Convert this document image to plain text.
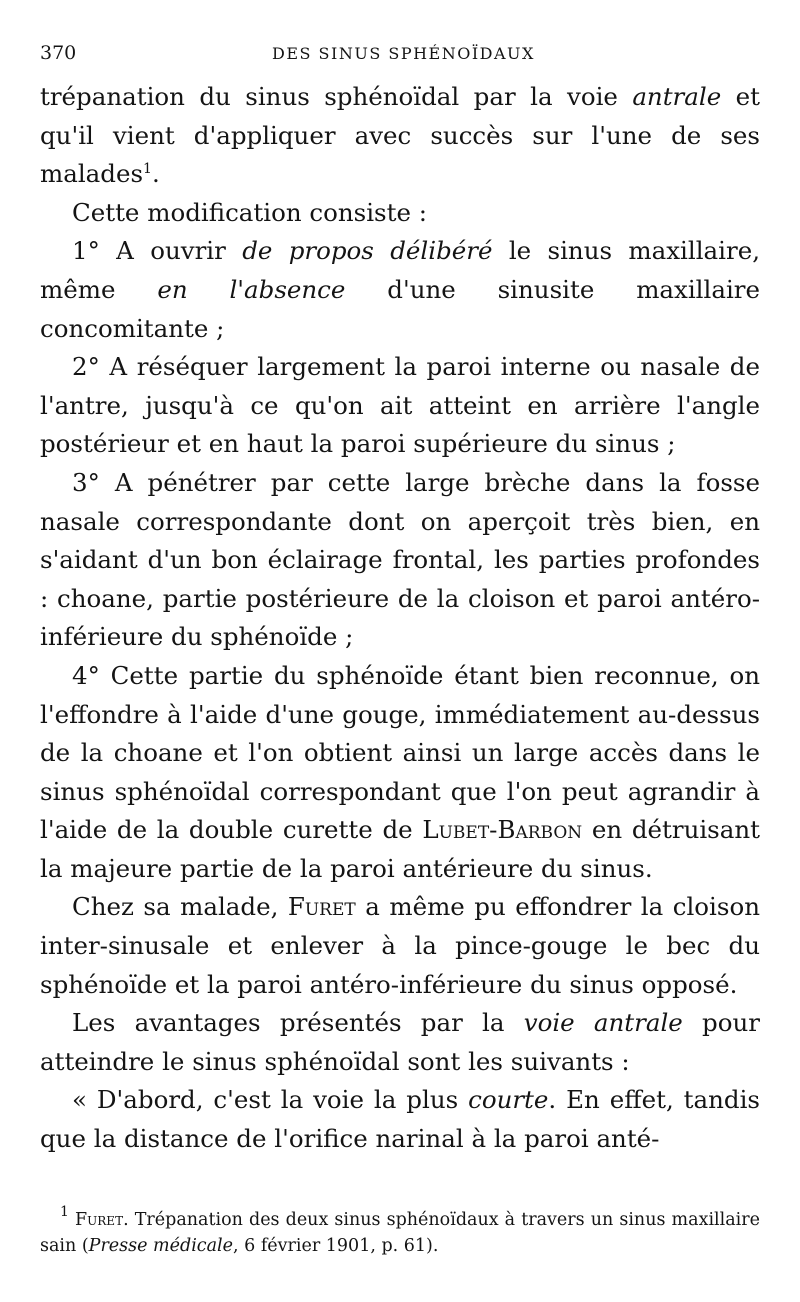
370	DES SINUS SPHÉNOÏDAUX

trépanation du sinus sphénoïdal par la voie antrale et qu'il vient d'appliquer avec succès sur l'une de ses malades$^1$.

Cette modification consiste :

1° A ouvrir de propos délibéré le sinus maxillaire, même en l'absence d'une sinusite maxillaire concomitante ;

2° A réséquer largement la paroi interne ou nasale de l'antre, jusqu'à ce qu'on ait atteint en arrière l'angle postérieur et en haut la paroi supérieure du sinus ;

3° A pénétrer par cette large brèche dans la fosse nasale correspondante dont on aperçoit très bien, en s'aidant d'un bon éclairage frontal, les parties profondes : choane, partie postérieure de la cloison et paroi antéro-inférieure du sphénoïde ;

4° Cette partie du sphénoïde étant bien reconnue, on l'effondre à l'aide d'une gouge, immédiatement au-dessus de la choane et l'on obtient ainsi un large accès dans le sinus sphénoïdal correspondant que l'on peut agrandir à l'aide de la double curette de Lubet-Barbon en détruisant la majeure partie de la paroi antérieure du sinus.

Chez sa malade, Furet a même pu effondrer la cloison inter-sinusale et enlever à la pince-gouge le bec du sphénoïde et la paroi antéro-inférieure du sinus opposé.

Les avantages présentés par la voie antrale pour atteindre le sinus sphénoïdal sont les suivants :

« D'abord, c'est la voie la plus courte. En effet, tandis que la distance de l'orifice narinal à la paroi anté-

$^1$ Furet. Trépanation des deux sinus sphénoïdaux à travers un sinus maxillaire sain (Presse médicale, 6 février 1901, p. 61).
